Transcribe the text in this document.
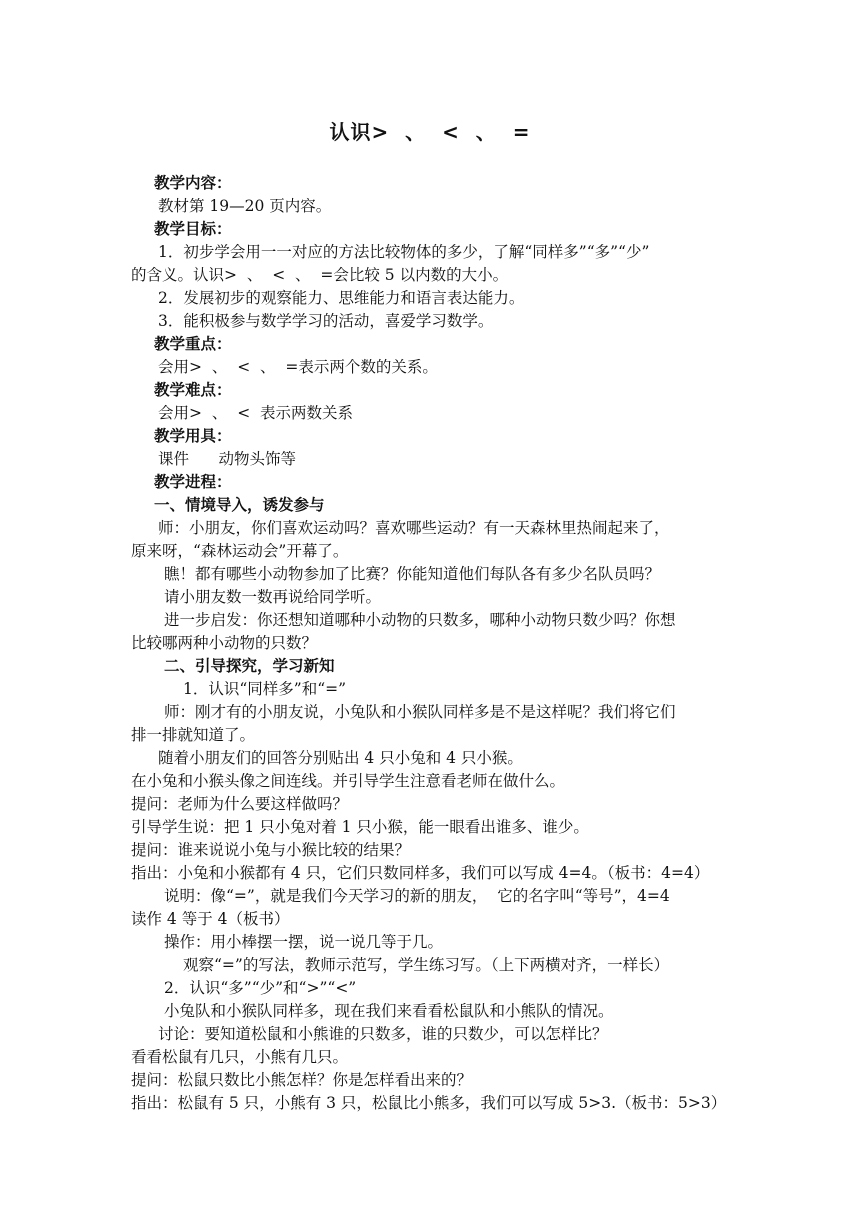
认识>  、  <  、  =
教学内容：
教材第 19—20 页内容。
教学目标：
1．初步学会用一一对应的方法比较物体的多少，了解“同样多”“多”“少”
的含义。认识>  、  <  、  =会比较 5 以内数的大小。
2．发展初步的观察能力、思维能力和语言表达能力。
3．能积极参与数学学习的活动，喜爱学习数学。
教学重点：
会用>  、  <  、  =表示两个数的关系。
教学难点：
会用>  、  <  表示两数关系
教学用具：
课件      动物头饰等
教学进程：
一、情境导入，诱发参与
师：小朋友，你们喜欢运动吗？喜欢哪些运动？有一天森林里热闹起来了，
原来呀，“森林运动会”开幕了。
瞧！都有哪些小动物参加了比赛？你能知道他们每队各有多少名队员吗？
请小朋友数一数再说给同学听。
进一步启发：你还想知道哪种小动物的只数多，哪种小动物只数少吗？你想
比较哪两种小动物的只数？
二、引导探究，学习新知
1．认识“同样多”和“=”
师：刚才有的小朋友说，小兔队和小猴队同样多是不是这样呢？我们将它们
排一排就知道了。
随着小朋友们的回答分别贴出 4 只小兔和 4 只小猴。
在小兔和小猴头像之间连线。并引导学生注意看老师在做什么。
提问：老师为什么要这样做吗？
引导学生说：把 1 只小兔对着 1 只小猴，能一眼看出谁多、谁少。
提问：谁来说说小兔与小猴比较的结果？
指出：小兔和小猴都有 4 只，它们只数同样多，我们可以写成 4=4。（板书：4=4）
说明：像“=”，就是我们今天学习的新的朋友，  它的名字叫“等号”，4=4
读作 4 等于 4（板书）
操作：用小棒摆一摆，说一说几等于几。
观察“=”的写法，教师示范写，学生练习写。（上下两横对齐，一样长）
2．认识“多”“少”和“>”“<”
小兔队和小猴队同样多，现在我们来看看松鼠队和小熊队的情况。
讨论：要知道松鼠和小熊谁的只数多，谁的只数少，可以怎样比？
看看松鼠有几只，小熊有几只。
提问：松鼠只数比小熊怎样？你是怎样看出来的？
指出：松鼠有 5 只，小熊有 3 只，松鼠比小熊多，我们可以写成 5>3.（板书：5>3）
